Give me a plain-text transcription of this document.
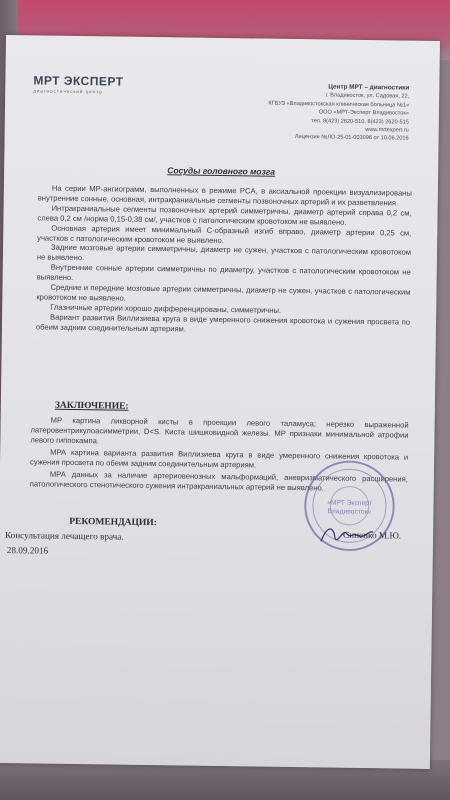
МРТ ЭКСПЕРТ
диагностический центр	Центр МРТ – диагностики
г. Владивосток, ул. Садовая, 22,
КГБУЗ «Владивостокская клиническая больница №1»
ООО «МРТ-Эксперт Владивосток»
тел. 8(423) 2620-510, 8(423) 2620-515
www.mrtexpert.ru
Лицензия №ЛО-25-01-003096 от 10.06.2016
Сосуды головного мозга

На серии МР-ангиограмм, выполненных в режиме PCA, в аксиальной проекции визуализированы внутренние сонные, основная, интракраниальные сегменты позвоночных артерий и их разветвления.

Интракраниальные сегменты позвоночных артерий симметричны, диаметр артерий справа 0,2 см, слева 0,2 см /норма 0,15-0,38 см/, участков с патологическим кровотоком не выявлено.

Основная артерия имеет минимальный С-образный изгиб вправо, диаметр артерии 0,25 см, участков с патологическим кровотоком не выявлено.

Задние мозговые артерии симметричны, диаметр не сужен, участков с патологическим кровотоком не выявлено.

Внутренние сонные артерии симметричны по диаметру, участков с патологическим кровотоком не выявлено.

Средние и передние мозговые артерии симметричны, диаметр не сужен, участков с патологическим кровотоком не выявлено.

Глазничные артерии хорошо дифференцированы, симметричны.

Вариант развития Виллизиева круга в виде умеренного снижения кровотока и сужения просвета по обеим задним соединительным артериям.

ЗАКЛЮЧЕНИЕ:

МР картина ликворной кисты в проекции левого таламуса; нерезко выраженной латеровентрикулоасимметрии, D<S. Киста шишковидной железы. МР признаки минимальной атрофии левого гиппокампа.

МРА картина варианта развития Виллизиева круга в виде умеренного снижения кровотока и сужения просвета по обеим задним соединительным артериям.

МРА данных за наличие артериовенозных мальформаций, аневризматического расширения, патологического стенотического сужения интракраниальных артерий не выявлено.

«МРТ Эксперт
Владивосток»
РЕКОМЕНДАЦИИ:
Консультация лечащего врача.
28.09.2016
Синенко М.Ю.
